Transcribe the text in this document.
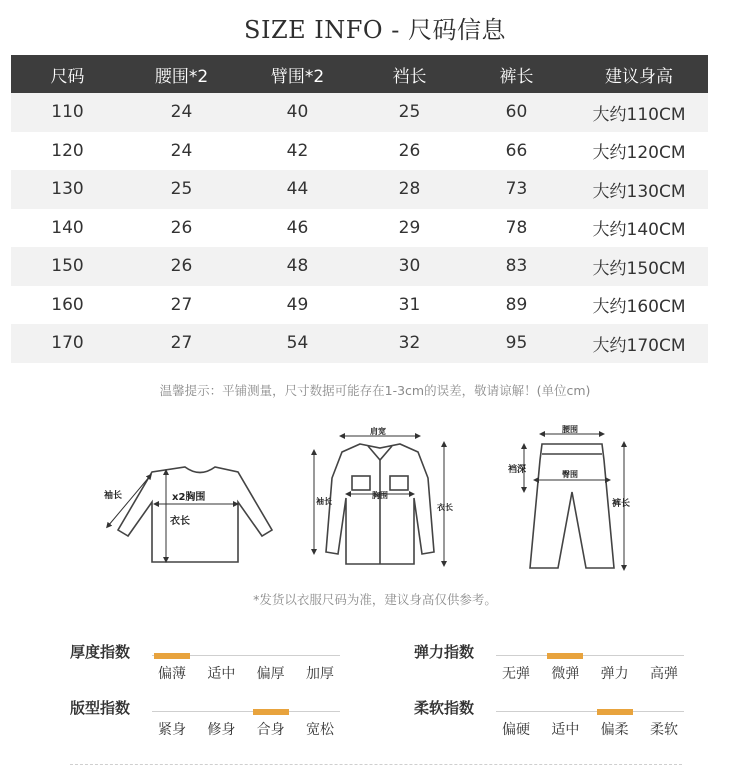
SIZE INFO - 尺码信息
尺码	腰围*2	臂围*2	裆长	裤长	建议身高
110	24	40	25	60	大约110CM
120	24	42	26	66	大约120CM
130	25	44	28	73	大约130CM
140	26	46	29	78	大约140CM
150	26	48	30	83	大约150CM
160	27	49	31	89	大约160CM
170	27	54	32	95	大约170CM
温馨提示：平铺测量，尺寸数据可能存在1-3cm的误差，敬请谅解！(单位cm)
袖长	x2胸围
衣长
肩宽
胸围
袖长
衣长
腰围
臀围
裆深
裤长
*发货以衣服尺码为准，建议身高仅供参考。
厚度指数
偏薄	适中	偏厚	加厚
弹力指数
无弹	微弹	弹力	高弹
版型指数
紧身	修身	合身	宽松
柔软指数
偏硬	适中	偏柔	柔软
